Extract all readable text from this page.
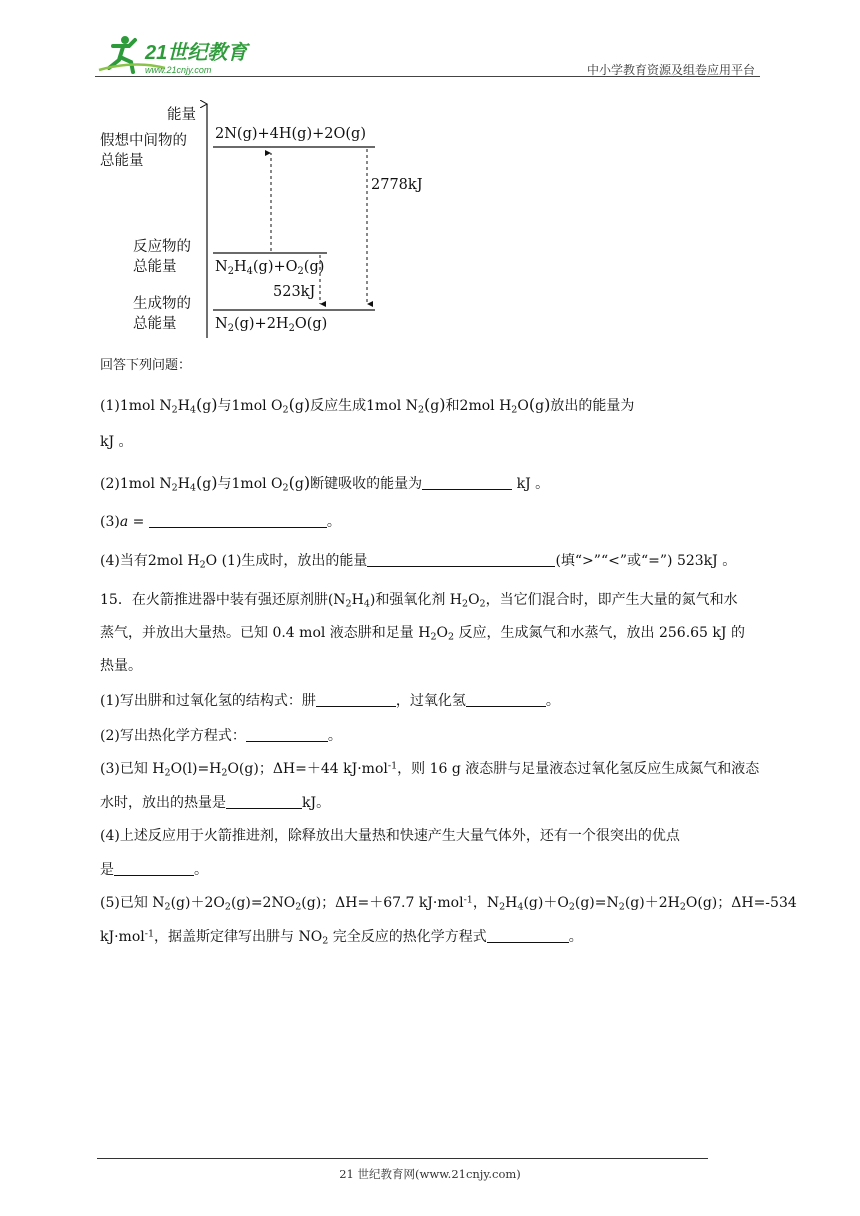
21世纪教育
www.21cnjy.com	中小学教育资源及组卷应用平台
能量
假想中间物的
总能量
反应物的
总能量
生成物的
总能量
2N(g)+4H(g)+2O(g)
$N_2H_4(g)+O_2(g)$
$N_2(g)+2H_2O(g)$
2778kJ
523kJ
回答下列问题：
(1)1mol $N_2H_4(g)$与1mol $O_2(g)$反应生成1mol $N_2(g)$和2mol $H_2O(g)$放出的能量为
kJ 。
(2)1mol $N_2H_4(g)$与1mol $O_2(g)$断键吸收的能量为	kJ 。
(3)a =	。
(4)当有2mol $H_2O$ (1)生成时，放出的能量	(填“>”“<”或“=”) 523kJ 。
15．在火箭推进器中装有强还原剂肼$(N_2H_4)$和强氧化剂 $H_2O_2$，当它们混合时，即产生大量的氮气和水
蒸气，并放出大量热。已知 0.4 mol 液态肼和足量 $H_2O_2$ 反应，生成氮气和水蒸气，放出 256.65 kJ 的
热量。
(1)写出肼和过氧化氢的结构式：肼	，过氧化氢	。
(2)写出热化学方程式：	。
(3)已知 $H_2O(l)=H_2O(g)$；ΔH=＋44 kJ·mol$^{-1}$，则 16 g 液态肼与足量液态过氧化氢反应生成氮气和液态
水时，放出的热量是	kJ。
(4)上述反应用于火箭推进剂，除释放出大量热和快速产生大量气体外，还有一个很突出的优点
是	。
(5)已知 $N_2(g)+2O_2(g)=2NO_2(g)$；ΔH=＋67.7 kJ·mol$^{-1}$，$N_2H_4(g)+O_2(g)=N_2(g)+2H_2O(g)$；ΔH=-534
kJ·mol$^{-1}$，据盖斯定律写出肼与 $NO_2$ 完全反应的热化学方程式	。
21 世纪教育网(www.21cnjy.com)
